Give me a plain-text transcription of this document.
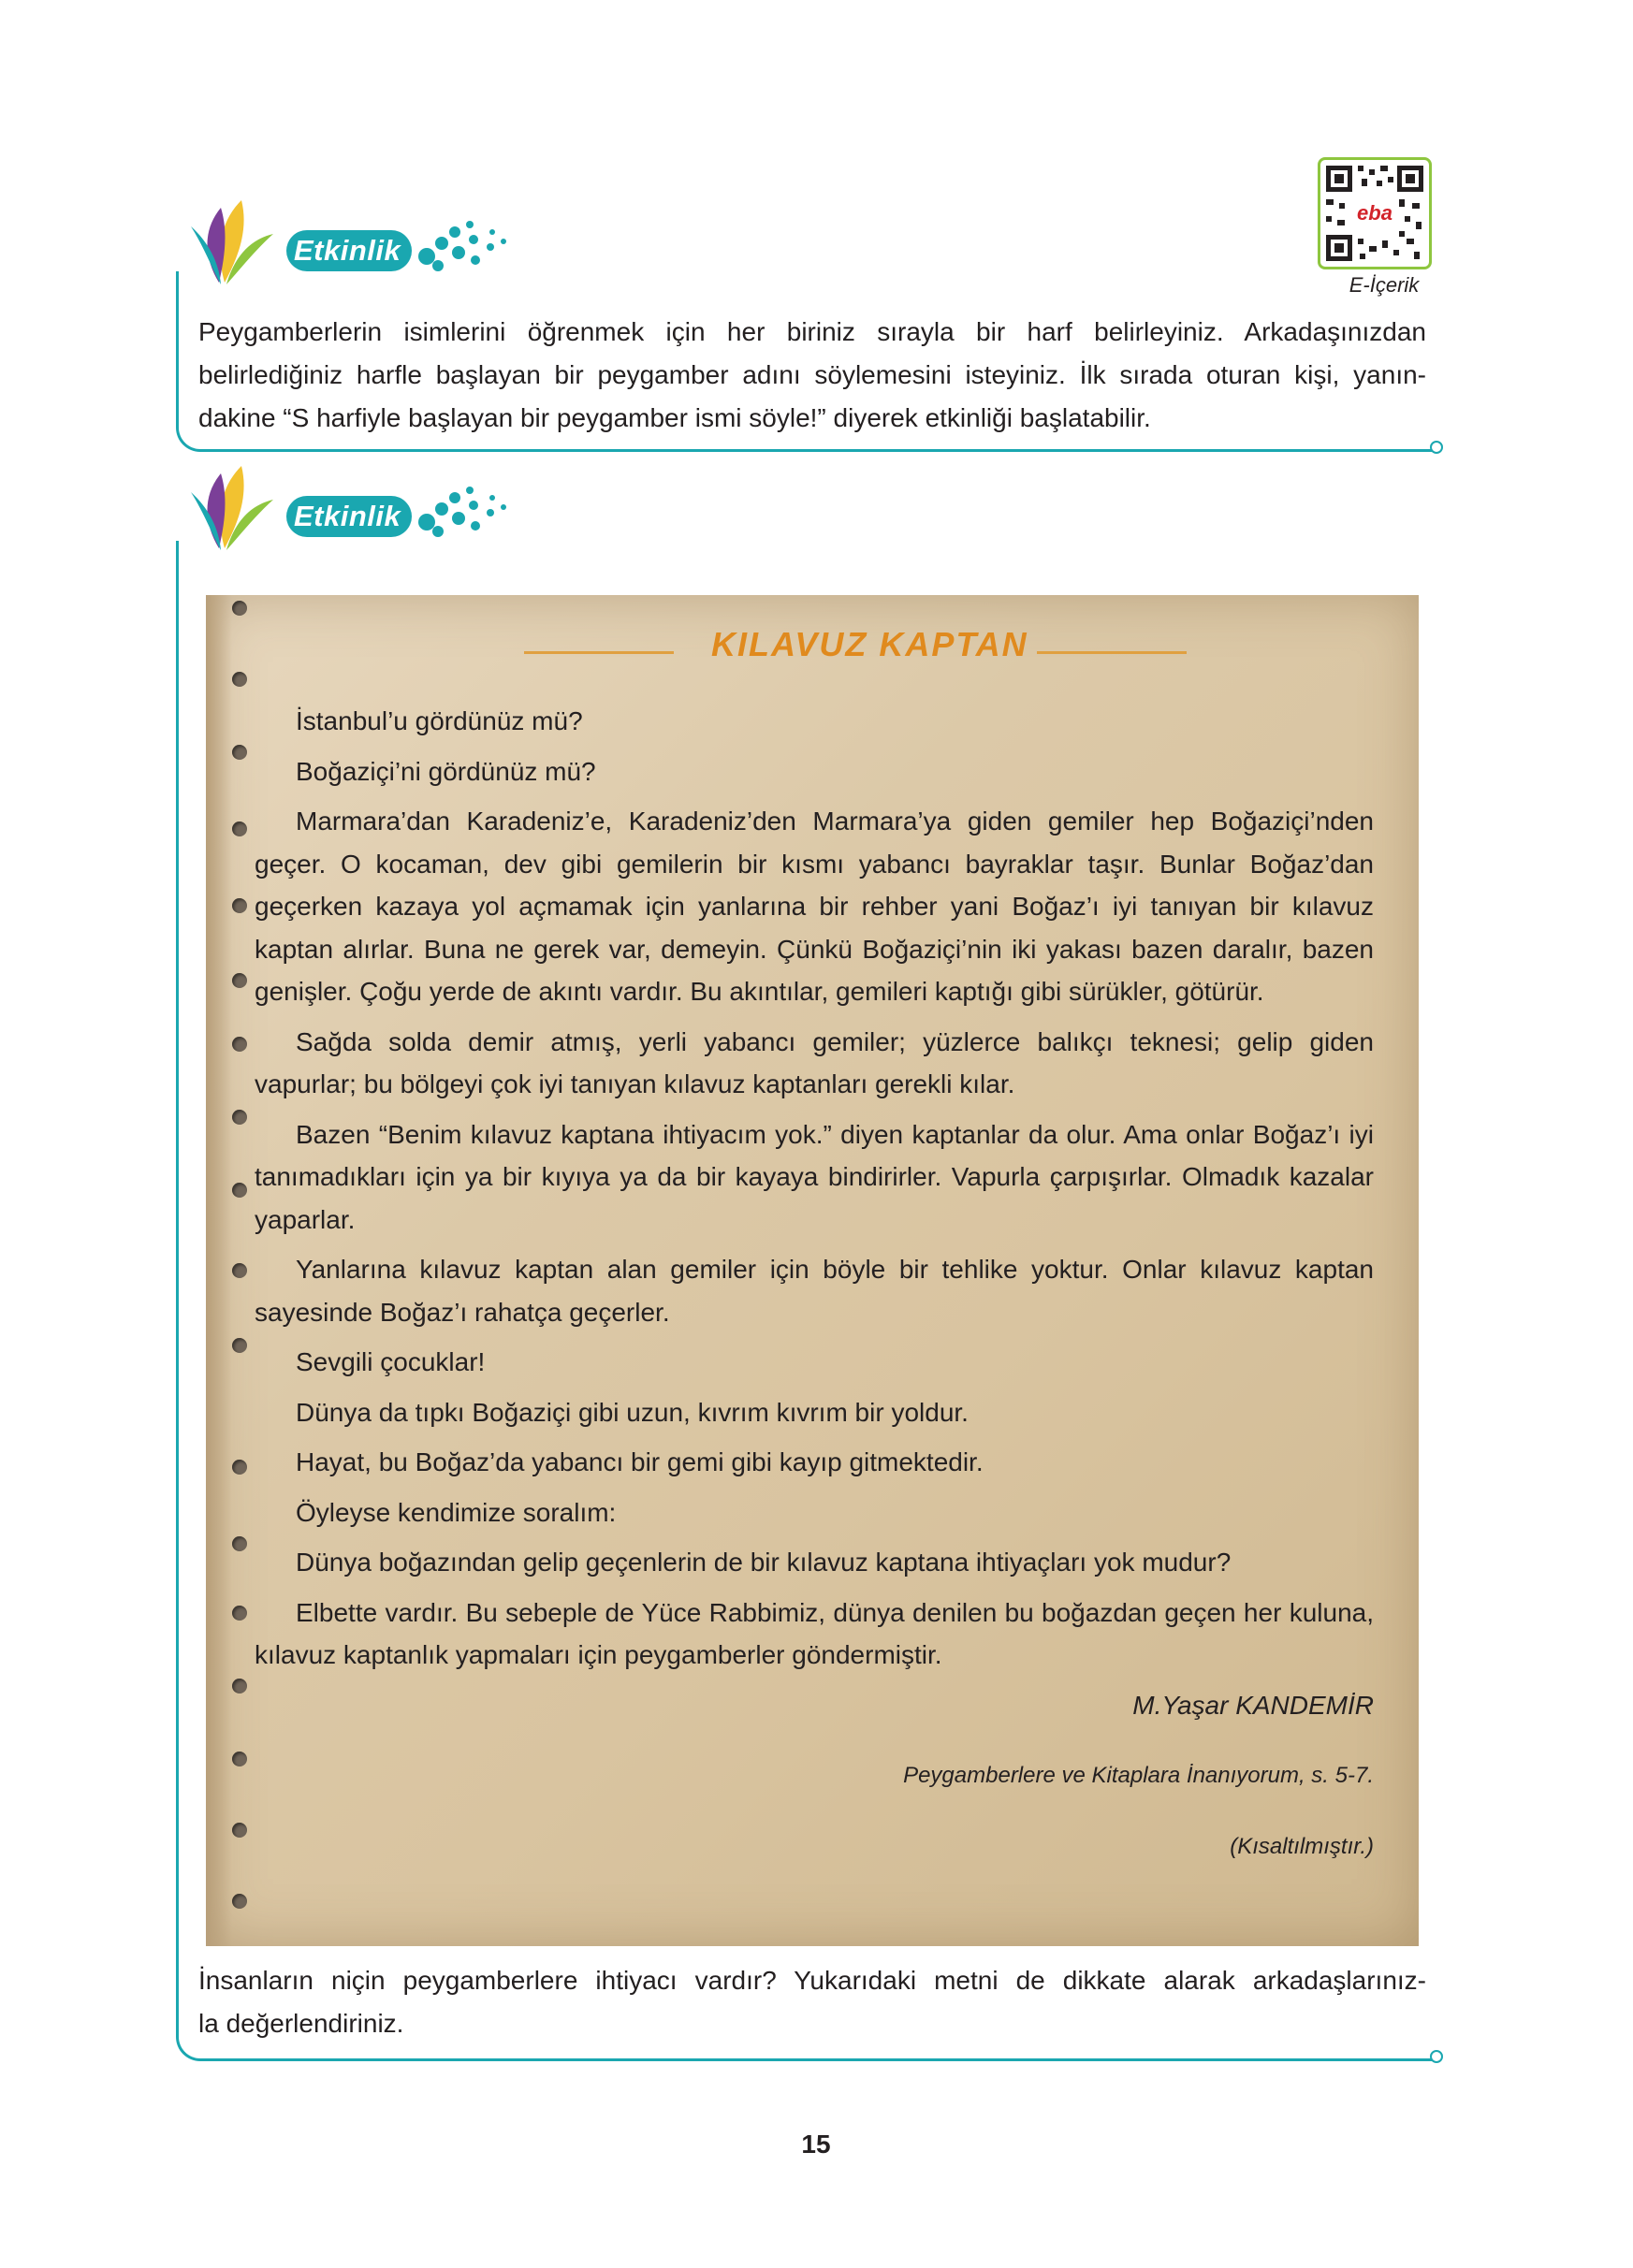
eba
E-İçerik
Etkinlik
Peygamberlerin isimlerini öğrenmek için her biriniz sırayla bir harf belirleyiniz. Arkadaşınızdan
belirlediğiniz harfle başlayan bir peygamber adını söylemesini isteyiniz. İlk sırada oturan kişi, yanın-
dakine “S harfiyle başlayan bir peygamber ismi söyle!” diyerek etkinliği başlatabilir.
Etkinlik
KILAVUZ KAPTAN

İstanbul’u gördünüz mü?

Boğaziçi’ni gördünüz mü?

Marmara’dan Karadeniz’e, Karadeniz’den Marmara’ya giden gemiler hep Boğaziçi’nden geçer. O kocaman, dev gibi gemilerin bir kısmı yabancı bayraklar taşır. Bunlar Boğaz’dan geçerken kazaya yol açmamak için yanlarına bir rehber yani Boğaz’ı iyi tanıyan bir kılavuz kaptan alırlar. Buna ne gerek var, demeyin. Çünkü Boğaziçi’nin iki yakası bazen daralır, bazen genişler. Çoğu yerde de akıntı vardır. Bu akıntılar, gemileri kaptığı gibi sürükler, götürür.

Sağda solda demir atmış, yerli yabancı gemiler; yüzlerce balıkçı teknesi; gelip giden vapurlar; bu bölgeyi çok iyi tanıyan kılavuz kaptanları gerekli kılar.

Bazen “Benim kılavuz kaptana ihtiyacım yok.” diyen kaptanlar da olur. Ama onlar Boğaz’ı iyi tanımadıkları için ya bir kıyıya ya da bir kayaya bindirirler. Vapurla çarpışırlar. Olmadık kazalar yaparlar.

Yanlarına kılavuz kaptan alan gemiler için böyle bir tehlike yoktur. Onlar kılavuz kaptan sayesinde Boğaz’ı rahatça geçerler.

Sevgili çocuklar!

Dünya da tıpkı Boğaziçi gibi uzun, kıvrım kıvrım bir yoldur.

Hayat, bu Boğaz’da yabancı bir gemi gibi kayıp gitmektedir.

Öyleyse kendimize soralım:

Dünya boğazından gelip geçenlerin de bir kılavuz kaptana ihtiyaçları yok mudur?

Elbette vardır. Bu sebeple de Yüce Rabbimiz, dünya denilen bu boğazdan geçen her kuluna, kılavuz kaptanlık yapmaları için peygamberler göndermiştir.

M.Yaşar KANDEMİR
Peygamberlere ve Kitaplara İnanıyorum, s. 5-7.
(Kısaltılmıştır.)
İnsanların niçin peygamberlere ihtiyacı vardır? Yukarıdaki metni de dikkate alarak arkadaşlarınız-
la değerlendiriniz.
15
